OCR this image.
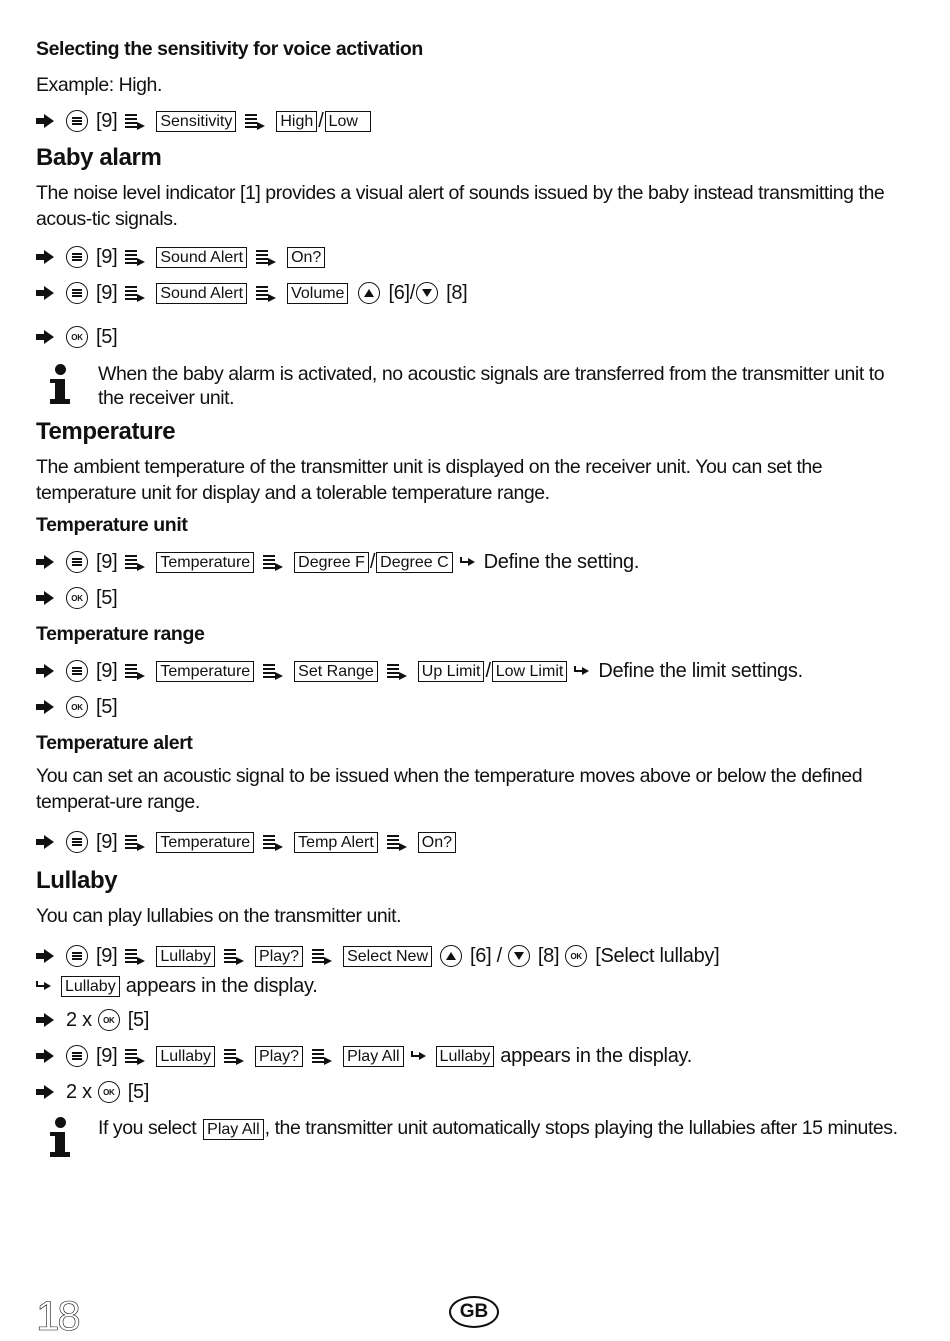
Selecting the sensitivity for voice activation
Example: High.
[9]	Sensitivity	High / Low
Baby alarm
The noise level indicator [1] provides a visual alert of sounds issued by the baby instead transmitting the acous-tic signals.
[9]	Sound Alert	On?
[9]	Sound Alert	Volume [6] / [8]
OK [5]
When the baby alarm is activated, no acoustic signals are transferred from the transmitter unit to the receiver unit.
Temperature
The ambient temperature of the transmitter unit is displayed on the receiver unit. You can set the temperature unit for display and a tolerable temperature range.
Temperature unit
[9]	Temperature	Degree F / Degree C Define the setting.
OK [5]
Temperature range
[9]	Temperature	Set Range	Up Limit / Low Limit Define the limit settings.
OK [5]
Temperature alert
You can set an acoustic signal to be issued when the temperature moves above or below the defined temperat-ure range.
[9]	Temperature	Temp Alert	On?
Lullaby
You can play lullabies on the transmitter unit.
[9]	Lullaby	Play?	Select New [6] / [8]	OK [Select lullaby]
Lullaby appears in the display.
2 x	OK [5]
[9]	Lullaby	Play?	Play All	Lullaby appears in the display.
2 x	OK [5]
If you select Play All , the transmitter unit automatically stops playing the lullabies after 15 minutes.
18	GB
